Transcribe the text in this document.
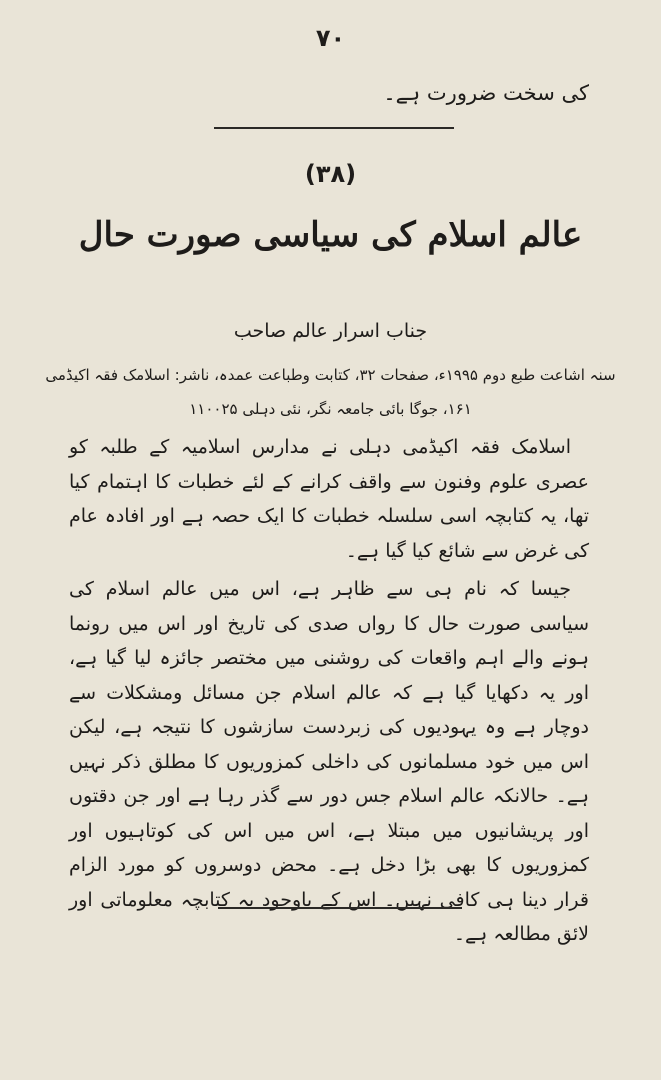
۷۰
کی سخت ضرورت ہے۔
(۳۸)
عالم اسلام کی سیاسی صورت حال
جناب اسرار عالم صاحب
سنہ اشاعت طبع دوم ۱۹۹۵ء، صفحات ۳۲، کتابت وطباعت عمدہ، ناشر: اسلامک فقہ اکیڈمی
۱۶۱، جوگا بائی جامعہ نگر، نئی دہلی ۱۱۰۰۲۵

اسلامک فقہ اکیڈمی دہلی نے مدارس اسلامیہ کے طلبہ کو عصری علوم وفنون سے واقف کرانے کے لئے خطبات کا اہتمام کیا تھا، یہ کتابچہ اسی سلسلہ خطبات کا ایک حصہ ہے اور افادہ عام کی غرض سے شائع کیا گیا ہے۔

جیسا کہ نام ہی سے ظاہر ہے، اس میں عالم اسلام کی سیاسی صورت حال کا رواں صدی کی تاریخ اور اس میں رونما ہونے والے اہم واقعات کی روشنی میں مختصر جائزہ لیا گیا ہے، اور یہ دکھایا گیا ہے کہ عالم اسلام جن مسائل ومشکلات سے دوچار ہے وہ یہودیوں کی زبردست سازشوں کا نتیجہ ہے، لیکن اس میں خود مسلمانوں کی داخلی کمزوریوں کا مطلق ذکر نہیں ہے۔ حالانکہ عالم اسلام جس دور سے گذر رہا ہے اور جن دقتوں اور پریشانیوں میں مبتلا ہے، اس میں اس کی کوتاہیوں اور کمزوریوں کا بھی بڑا دخل ہے۔ محض دوسروں کو مورد الزام قرار دینا ہی کافی نہیں۔ اس کے باوجود یہ کتابچہ معلوماتی اور لائق مطالعہ ہے۔
